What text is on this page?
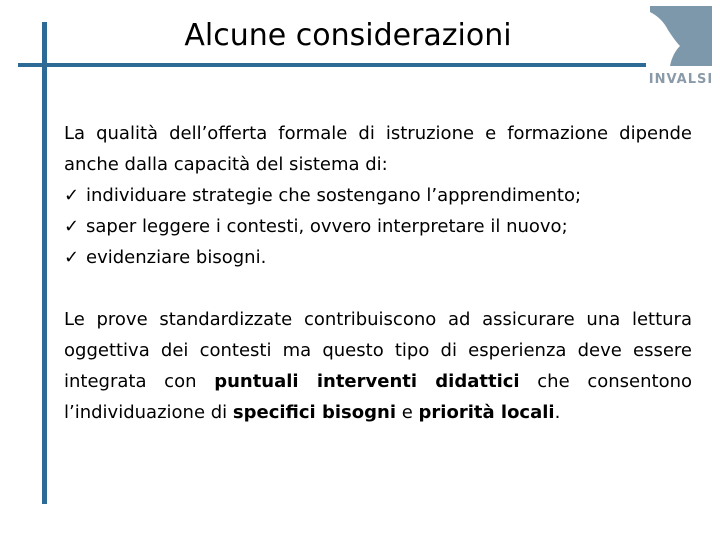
Alcune considerazioni
INVALSI

La qualità dell’offerta formale di istruzione e formazione dipende anche dalla capacità del sistema di:

✓ individuare strategie che sostengano l’apprendimento;
✓ saper leggere i contesti, ovvero interpretare il nuovo;
✓ evidenziare bisogni.

Le prove standardizzate contribuiscono ad assicurare una lettura oggettiva dei contesti ma questo tipo di esperienza deve essere integrata con puntuali interventi didattici che consentono l’individuazione di specifici bisogni e priorità locali.
